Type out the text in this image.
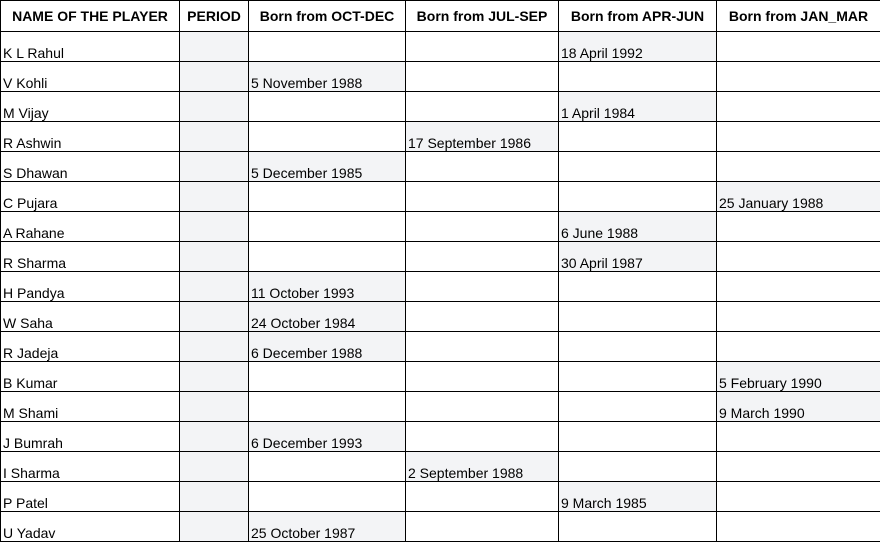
NAME OF THE PLAYER	PERIOD	Born from OCT-DEC	Born from JUL-SEP	Born from APR-JUN	Born from JAN_MAR
K L Rahul				18 April 1992	
V Kohli		5 November 1988			
M Vijay				1 April 1984	
R Ashwin			17 September 1986		
S Dhawan		5 December 1985			
C Pujara					25 January 1988
A Rahane				6 June 1988	
R Sharma				30 April 1987	
H Pandya		11 October 1993			
W Saha		24 October 1984			
R Jadeja		6 December 1988			
B Kumar					5 February 1990
M Shami					9 March 1990
J Bumrah		6 December 1993			
I Sharma			2 September 1988		
P Patel				9 March 1985	
U Yadav		25 October 1987			
